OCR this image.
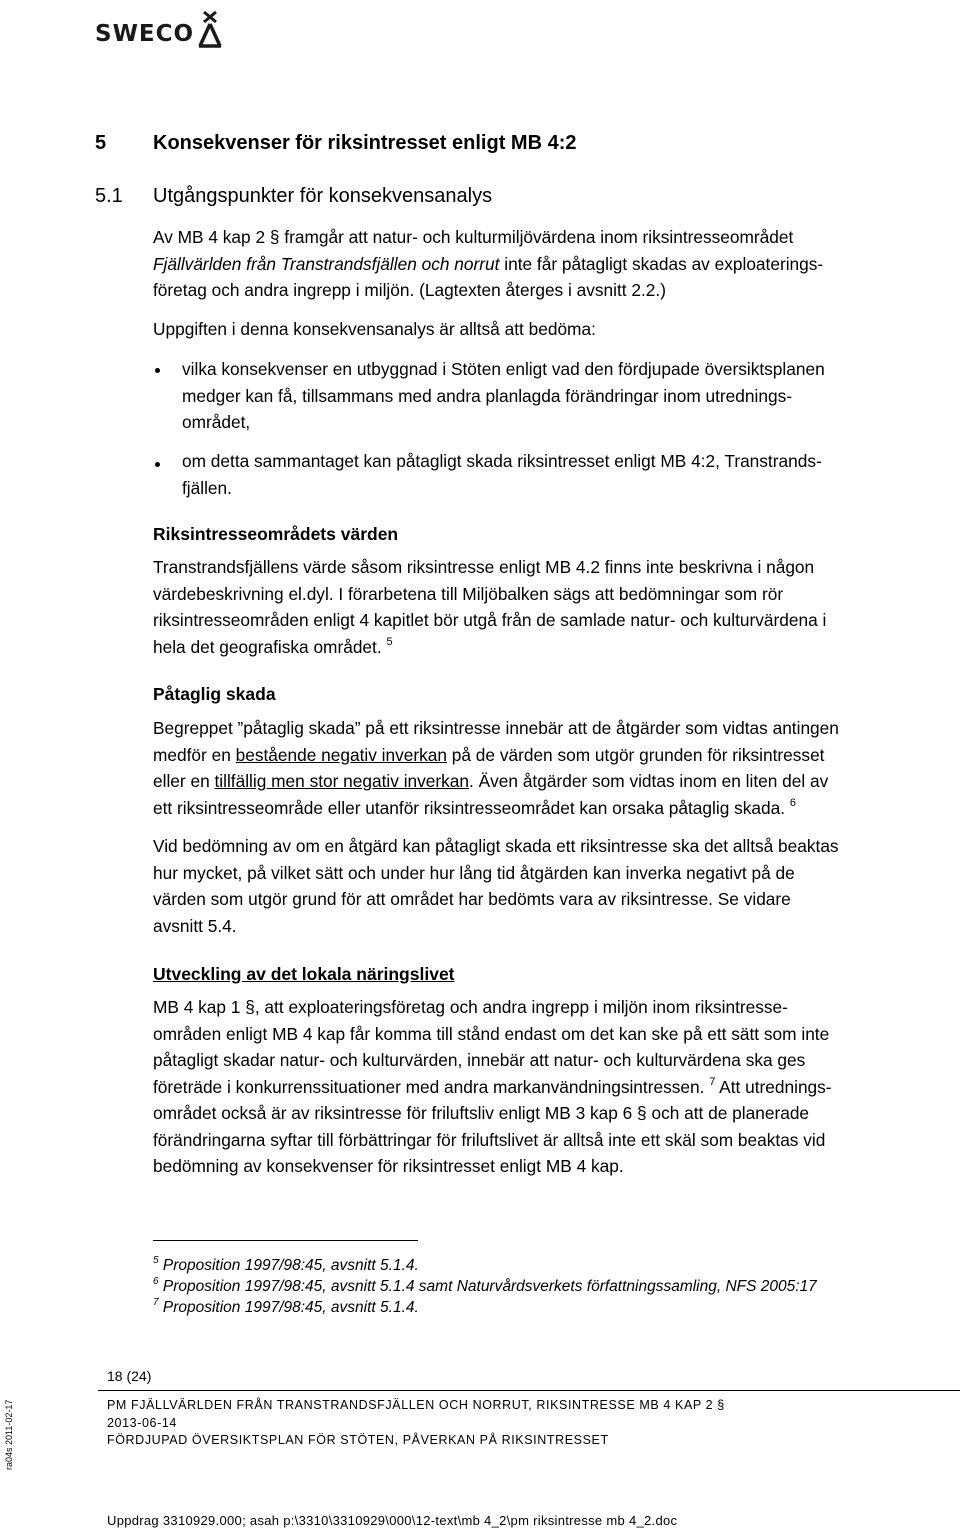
SWECO
5 Konsekvenser för riksintresset enligt MB 4:2
5.1 Utgångspunkter för konsekvensanalys
Av MB 4 kap 2 § framgår att natur- och kulturmiljövärdena inom riksintresseområdet
Fjällvärlden från Transtrandsfjällen och norrut inte får påtagligt skadas av exploaterings-
företag och andra ingrepp i miljön. (Lagtexten återges i avsnitt 2.2.)
Uppgiften i denna konsekvensanalys är alltså att bedöma:
vilka konsekvenser en utbyggnad i Stöten enligt vad den fördjupade översiktsplanen
medger kan få, tillsammans med andra planlagda förändringar inom utrednings-
området,
om detta sammantaget kan påtagligt skada riksintresset enligt MB 4:2, Transtrands-
fjällen.
Riksintresseområdets värden
Transtrandsfjällens värde såsom riksintresse enligt MB 4.2 finns inte beskrivna i någon
värdebeskrivning el.dyl. I förarbetena till Miljöbalken sägs att bedömningar som rör
riksintresseområden enligt 4 kapitlet bör utgå från de samlade natur- och kulturvärdena i
hela det geografiska området. $^5$
Påtaglig skada
Begreppet ”påtaglig skada” på ett riksintresse innebär att de åtgärder som vidtas antingen
medför en bestående negativ inverkan på de värden som utgör grunden för riksintresset
eller en tillfällig men stor negativ inverkan. Även åtgärder som vidtas inom en liten del av
ett riksintresseområde eller utanför riksintresseområdet kan orsaka påtaglig skada. $^6$
Vid bedömning av om en åtgärd kan påtagligt skada ett riksintresse ska det alltså beaktas
hur mycket, på vilket sätt och under hur lång tid åtgärden kan inverka negativt på de
värden som utgör grund för att området har bedömts vara av riksintresse. Se vidare
avsnitt 5.4.
Utveckling av det lokala näringslivet
MB 4 kap 1 §, att exploateringsföretag och andra ingrepp i miljön inom riksintresse-
områden enligt MB 4 kap får komma till stånd endast om det kan ske på ett sätt som inte
påtagligt skadar natur- och kulturvärden, innebär att natur- och kulturvärdena ska ges
företräde i konkurrenssituationer med andra markanvändningsintressen. $^7$ Att utrednings-
området också är av riksintresse för friluftsliv enligt MB 3 kap 6 § och att de planerade
förändringarna syftar till förbättringar för friluftslivet är alltså inte ett skäl som beaktas vid
bedömning av konsekvenser för riksintresset enligt MB 4 kap.
$^5$ Proposition 1997/98:45, avsnitt 5.1.4.
$^6$ Proposition 1997/98:45, avsnitt 5.1.4 samt Naturvårdsverkets författningssamling, NFS 2005:17
$^7$ Proposition 1997/98:45, avsnitt 5.1.4.
18 (24)
PM FJÄLLVÄRLDEN FRÅN TRANSTRANDSFJÄLLEN OCH NORRUT, RIKSINTRESSE MB 4 KAP 2 §
2013-06-14
FÖRDJUPAD ÖVERSIKTSPLAN FÖR STÖTEN, PÅVERKAN PÅ RIKSINTRESSET
ra04s 2011-02-17
Uppdrag 3310929.000; asah p:\3310\3310929\000\12-text\mb 4_2\pm riksintresse mb 4_2.doc
